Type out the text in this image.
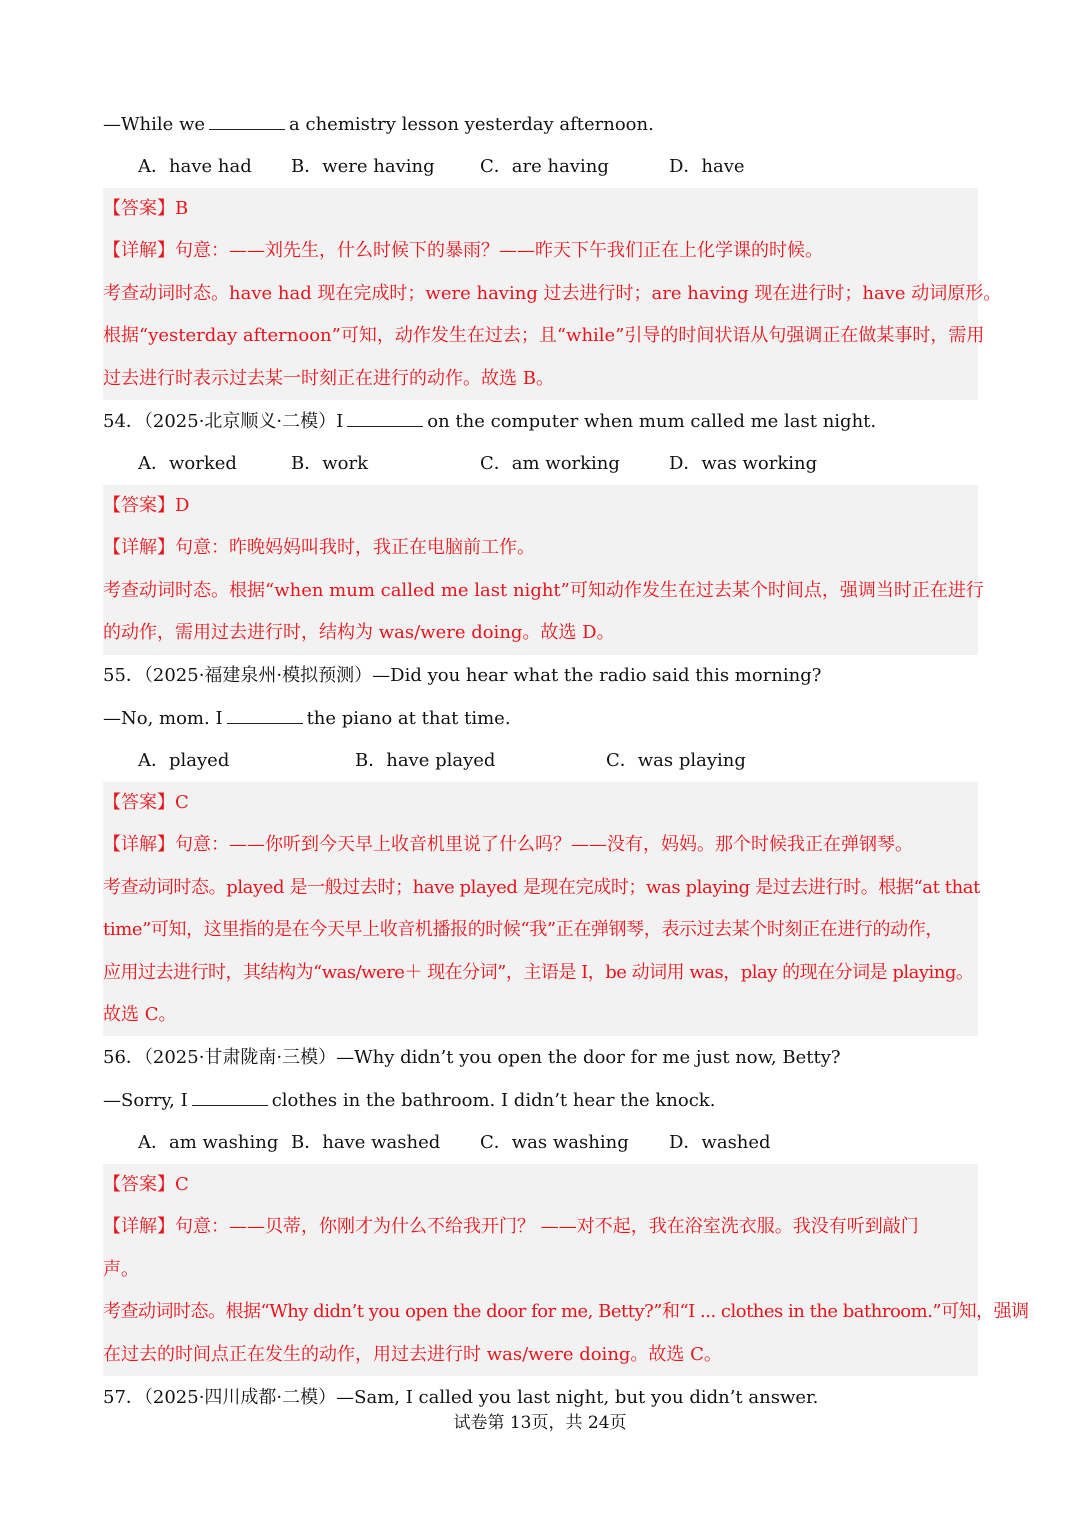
—While we	a chemistry lesson yesterday afternoon.
A．have had B．were having	C．are having	D．have
【答案】B
【详解】句意：——刘先生，什么时候下的暴雨？——昨天下午我们正在上化学课的时候。
考查动词时态。have had 现在完成时；were having 过去进行时；are having 现在进行时；have 动词原形。
根据“yesterday afternoon”可知，动作发生在过去；且“while”引导的时间状语从句强调正在做某事时，需用
过去进行时表示过去某一时刻正在进行的动作。故选 B。
54．（2025·北京顺义·二模）I	on the computer when mum called me last night.
A．worked	B．work	C．am working	D．was working
【答案】D
【详解】句意：昨晚妈妈叫我时，我正在电脑前工作。
考查动词时态。根据“when mum called me last night”可知动作发生在过去某个时间点，强调当时正在进行
的动作，需用过去进行时，结构为 was/were doing。故选 D。
55．（2025·福建泉州·模拟预测）—Did you hear what the radio said this morning?
—No, mom. I	the piano at that time.
A．played	B．have played	C．was playing
【答案】C
【详解】句意：——你听到今天早上收音机里说了什么吗？——没有，妈妈。那个时候我正在弹钢琴。
考查动词时态。played 是一般过去时；have played 是现在完成时；was playing 是过去进行时。根据“at that
time”可知，这里指的是在今天早上收音机播报的时候“我”正在弹钢琴，表示过去某个时刻正在进行的动作，
应用过去进行时，其结构为“was/were＋ 现在分词”，主语是 I，be 动词用 was，play 的现在分词是 playing。
故选 C。
56．（2025·甘肃陇南·三模）—Why didn’t you open the door for me just now, Betty?
—Sorry, I	clothes in the bathroom. I didn’t hear the knock.
A．am washing B．have washed C．was washing D．washed
【答案】C
【详解】句意：——贝蒂，你刚才为什么不给我开门？ ——对不起，我在浴室洗衣服。我没有听到敲门
声。
考查动词时态。根据“Why didn’t you open the door for me, Betty?”和“I ... clothes in the bathroom.”可知，强调
在过去的时间点正在发生的动作，用过去进行时 was/were doing。故选 C。
57．（2025·四川成都·二模）—Sam, I called you last night, but you didn’t answer.
试卷第 13页，共 24页
